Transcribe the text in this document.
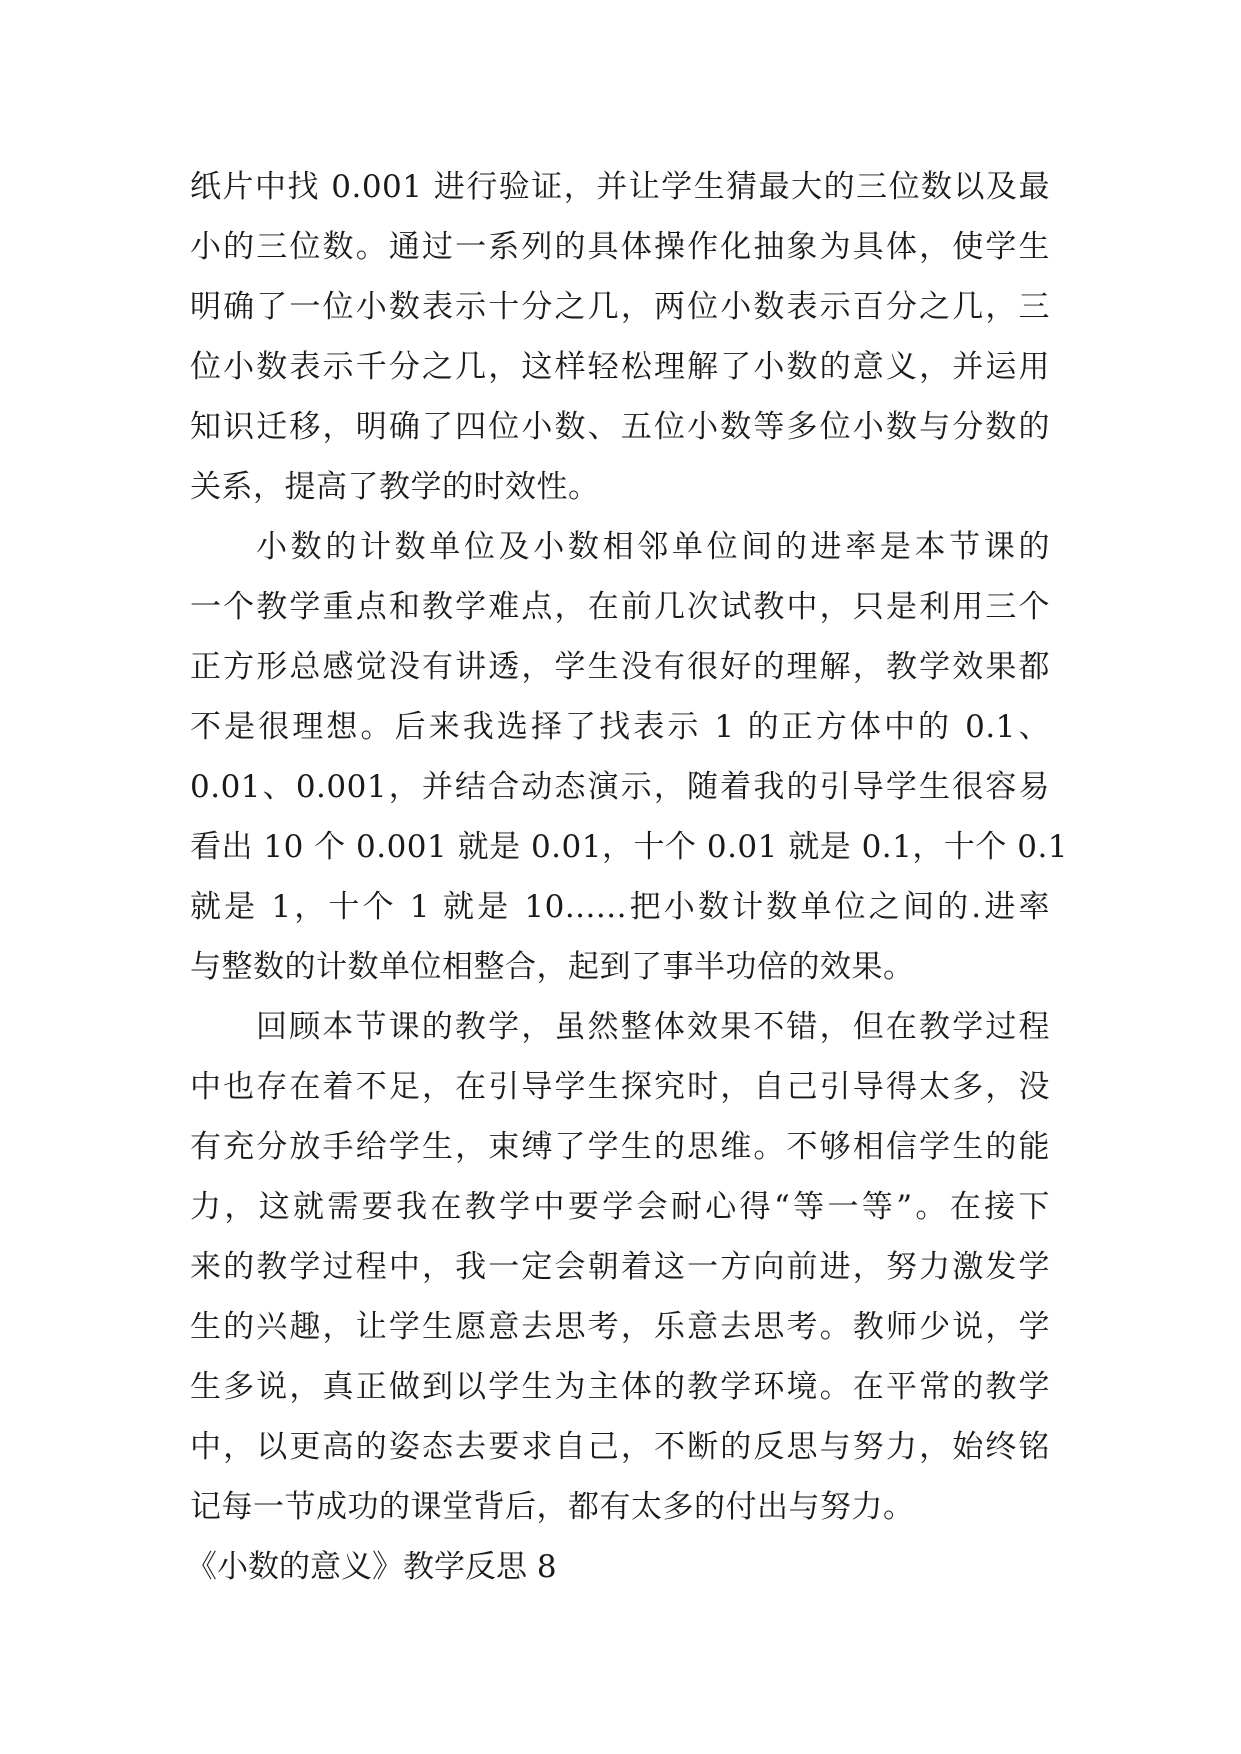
纸片中找 0.001 进行验证，并让学生猜最大的三位数以及最
小的三位数。通过一系列的具体操作化抽象为具体，使学生
明确了一位小数表示十分之几，两位小数表示百分之几，三
位小数表示千分之几，这样轻松理解了小数的意义，并运用
知识迁移，明确了四位小数、五位小数等多位小数与分数的
关系，提高了教学的时效性。
小数的计数单位及小数相邻单位间的进率是本节课的
一个教学重点和教学难点，在前几次试教中，只是利用三个
正方形总感觉没有讲透，学生没有很好的理解，教学效果都
不是很理想。后来我选择了找表示 1 的正方体中的 0.1、
0.01、0.001，并结合动态演示，随着我的引导学生很容易
看出 10 个 0.001 就是 0.01，十个 0.01 就是 0.1，十个 0.1
就是 1，十个 1 就是 10......把小数计数单位之间的.进率
与整数的计数单位相整合，起到了事半功倍的效果。
回顾本节课的教学，虽然整体效果不错，但在教学过程
中也存在着不足，在引导学生探究时，自己引导得太多，没
有充分放手给学生，束缚了学生的思维。不够相信学生的能
力，这就需要我在教学中要学会耐心得“等一等”。在接下
来的教学过程中，我一定会朝着这一方向前进，努力激发学
生的兴趣，让学生愿意去思考，乐意去思考。教师少说，学
生多说，真正做到以学生为主体的教学环境。在平常的教学
中，以更高的姿态去要求自己，不断的反思与努力，始终铭
记每一节成功的课堂背后，都有太多的付出与努力。
《小数的意义》教学反思 8
